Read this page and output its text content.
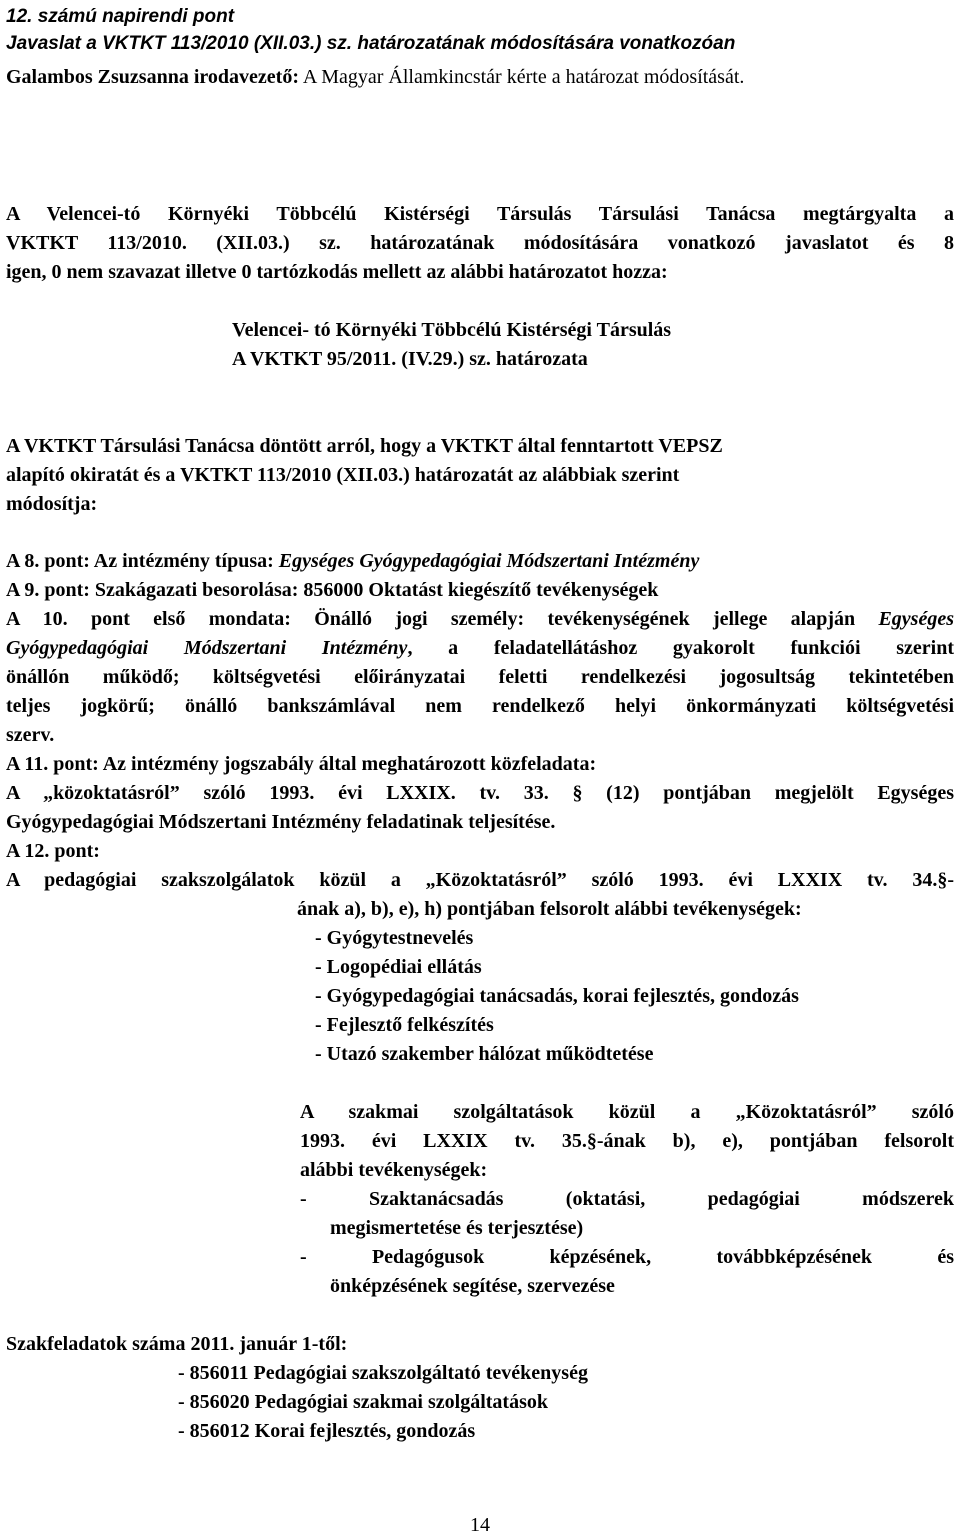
12. számú napirendi pont
Javaslat a VKTKT 113/2010 (XII.03.) sz. határozatának módosítására vonatkozóan
Galambos Zsuzsanna irodavezető: A Magyar Államkincstár kérte a határozat módosítását.
A Velencei-tó Környéki Többcélú Kistérségi Társulás Társulási Tanácsa megtárgyalta a
VKTKT 113/2010. (XII.03.) sz. határozatának módosítására vonatkozó javaslatot és 8
igen, 0 nem szavazat illetve 0 tartózkodás mellett az alábbi határozatot hozza:
Velencei- tó Környéki Többcélú Kistérségi Társulás
A VKTKT 95/2011. (IV.29.) sz. határozata
A VKTKT Társulási Tanácsa döntött arról, hogy a VKTKT által fenntartott VEPSZ
alapító okiratát és a VKTKT 113/2010 (XII.03.) határozatát az alábbiak szerint
módosítja:
A 8. pont: Az intézmény típusa: Egységes Gyógypedagógiai Módszertani Intézmény
A 9. pont: Szakágazati besorolása: 856000 Oktatást kiegészítő tevékenységek
A 10. pont első mondata: Önálló jogi személy: tevékenységének jellege alapján Egységes
Gyógypedagógiai Módszertani Intézmény, a feladatellátáshoz gyakorolt funkciói szerint
önállón működő; költségvetési előirányzatai feletti rendelkezési jogosultság tekintetében
teljes jogkörű; önálló bankszámlával nem rendelkező helyi önkormányzati költségvetési
szerv.
A 11. pont: Az intézmény jogszabály által meghatározott közfeladata:
A „közoktatásról” szóló 1993. évi LXXIX. tv. 33. § (12) pontjában megjelölt Egységes
Gyógypedagógiai Módszertani Intézmény feladatinak teljesítése.
A 12. pont:
A pedagógiai szakszolgálatok közül a „Közoktatásról” szóló 1993. évi LXXIX tv. 34.§-
ának a), b), e), h) pontjában felsorolt alábbi tevékenységek:
- Gyógytestnevelés
- Logopédiai ellátás
- Gyógypedagógiai tanácsadás, korai fejlesztés, gondozás
- Fejlesztő felkészítés
- Utazó szakember hálózat működtetése
A szakmai szolgáltatások közül a „Közoktatásról” szóló
1993. évi LXXIX tv. 35.§-ának b), e), pontjában felsorolt
alábbi tevékenységek:
- Szaktanácsadás (oktatási, pedagógiai módszerek
megismertetése és terjesztése)
- Pedagógusok képzésének, továbbképzésének és
önképzésének segítése, szervezése
Szakfeladatok száma 2011. január 1-től:
- 856011 Pedagógiai szakszolgáltató tevékenység
- 856020 Pedagógiai szakmai szolgáltatások
- 856012 Korai fejlesztés, gondozás
14
